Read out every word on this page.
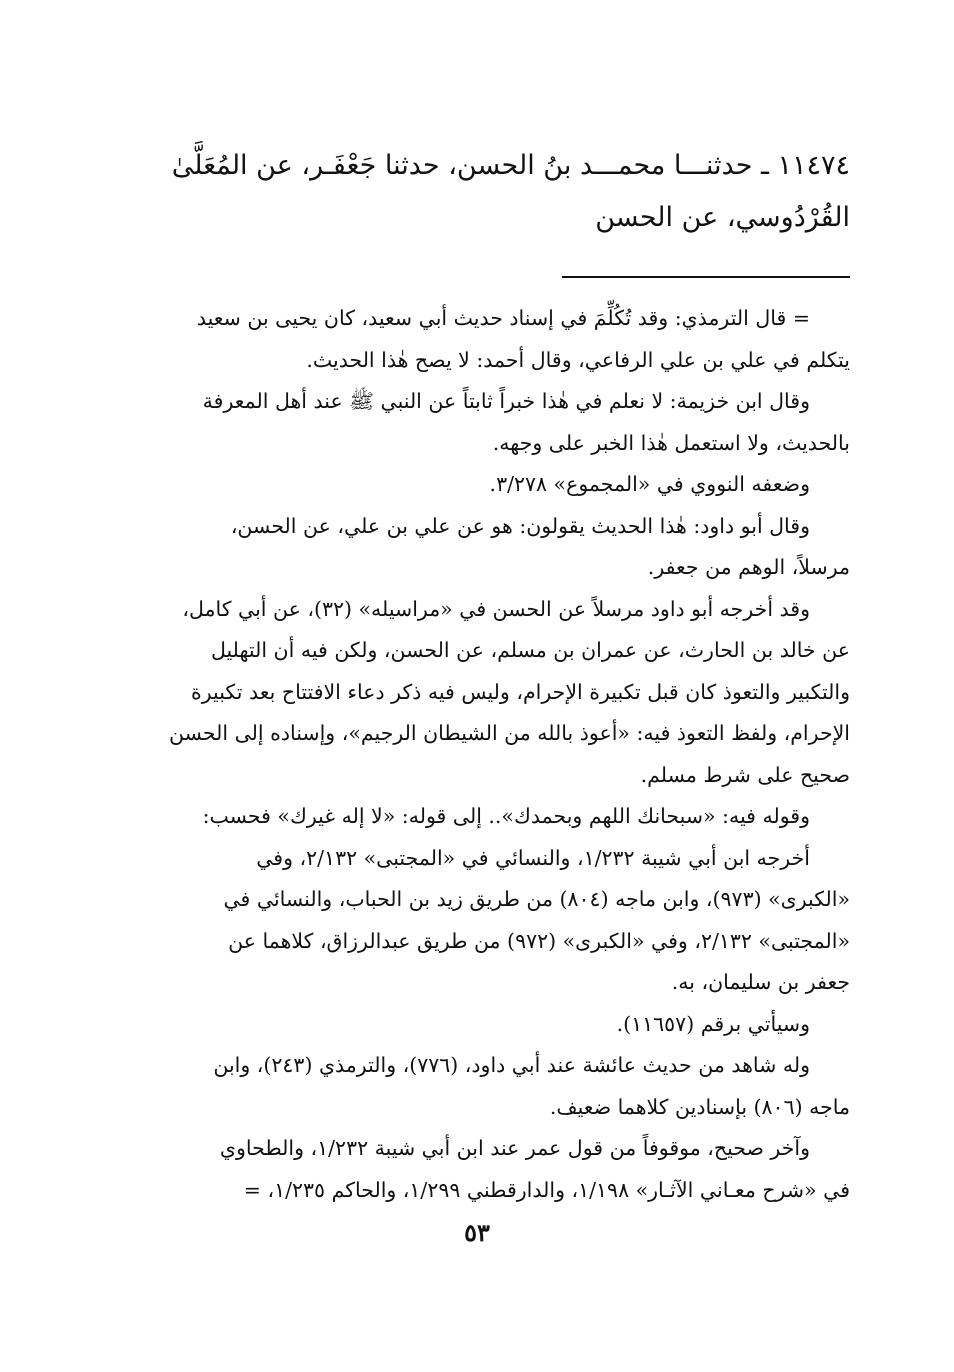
١١٤٧٤ ـ حدثنـــا محمـــد بنُ الحسن، حدثنا جَعْفَـر، عن المُعَلَّىٰ

القُرْدُوسي، عن الحسن

= قال الترمذي: وقد تُكُلِّمَ في إسناد حديث أبي سعيد، كان يحيى بن سعيد

يتكلم في علي بن علي الرفاعي، وقال أحمد: لا يصح هٰذا الحديث.

وقال ابن خزيمة: لا نعلم في هٰذا خبراً ثابتاً عن النبي ﷺ عند أهل المعرفة

بالحديث، ولا استعمل هٰذا الخبر على وجهه.

وضعفه النووي في «المجموع» ٣/٢٧٨.

وقال أبو داود: هٰذا الحديث يقولون: هو عن علي بن علي، عن الحسن،

مرسلاً، الوهم من جعفر.

وقد أخرجه أبو داود مرسلاً عن الحسن في «مراسيله» (٣٢)، عن أبي كامل،

عن خالد بن الحارث، عن عمران بن مسلم، عن الحسن، ولكن فيه أن التهليل

والتكبير والتعوذ كان قبل تكبيرة الإحرام، وليس فيه ذكر دعاء الافتتاح بعد تكبيرة

الإحرام، ولفظ التعوذ فيه: «أعوذ بالله من الشيطان الرجيم»، وإسناده إلى الحسن

صحيح على شرط مسلم.

وقوله فيه: «سبحانك اللهم وبحمدك».. إلى قوله: «لا إله غيرك» فحسب:

أخرجه ابن أبي شيبة ١/٢٣٢، والنسائي في «المجتبى» ٢/١٣٢، وفي

«الكبرى» (٩٧٣)، وابن ماجه (٨٠٤) من طريق زيد بن الحباب، والنسائي في

«المجتبى» ٢/١٣٢، وفي «الكبرى» (٩٧٢) من طريق عبدالرزاق، كلاهما عن

جعفر بن سليمان، به.

وسيأتي برقم (١١٦٥٧).

وله شاهد من حديث عائشة عند أبي داود، (٧٧٦)، والترمذي (٢٤٣)، وابن

ماجه (٨٠٦) بإسنادين كلاهما ضعيف.

وآخر صحيح، موقوفاً من قول عمر عند ابن أبي شيبة ١/٢٣٢، والطحاوي

في «شرح معـاني الآثـار» ١/١٩٨، والدارقطني ١/٢٩٩، والحاكم ١/٢٣٥، =

٥٣
